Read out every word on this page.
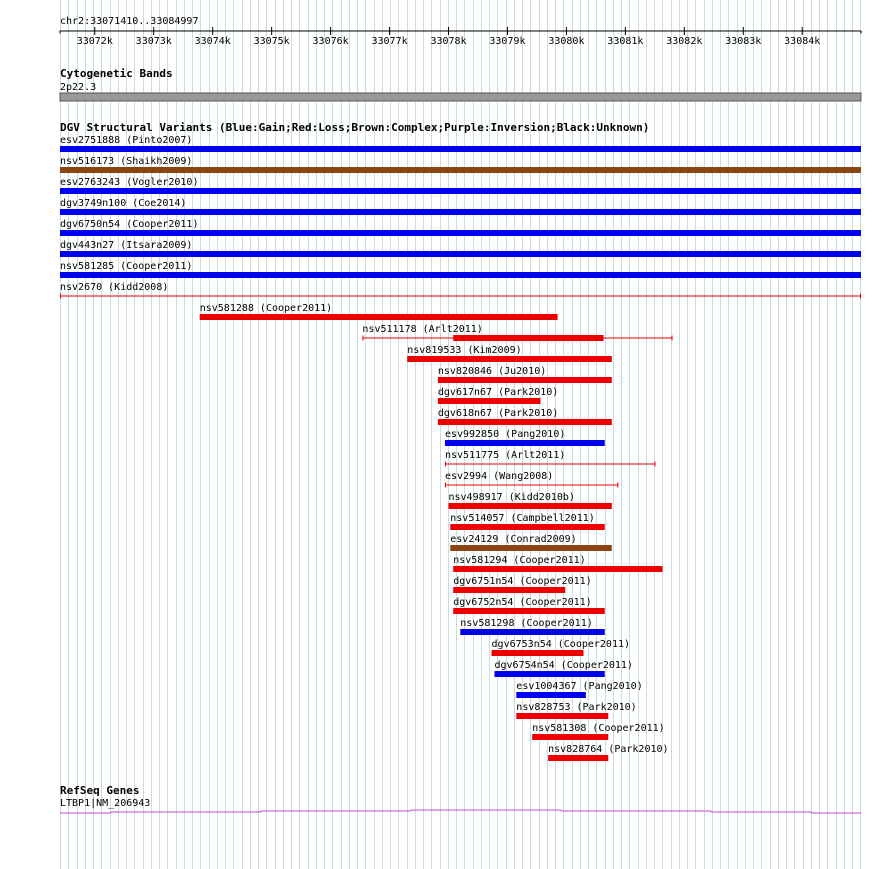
chr2:33071410..33084997
‹	›
33072k 33073k 33074k 33075k 33076k 33077k 33078k 33079k 33080k 33081k 33082k 33083k 33084k
Cytogenetic Bands
2p22.3
DGV Structural Variants (Blue:Gain;Red:Loss;Brown:Complex;Purple:Inversion;Black:Unknown)
esv2751888 (Pinto2007)
nsv516173 (Shaikh2009)
esv2763243 (Vogler2010)
dgv3749n100 (Coe2014)
dgv6750n54 (Cooper2011)
dgv443n27 (Itsara2009)
nsv581285 (Cooper2011)
nsv2670 (Kidd2008)
nsv581288 (Cooper2011)
nsv511178 (Arlt2011)
nsv819533 (Kim2009)
nsv820846 (Ju2010)
dgv617n67 (Park2010)
dgv618n67 (Park2010)
esv992850 (Pang2010)
nsv511775 (Arlt2011)
esv2994 (Wang2008)
nsv498917 (Kidd2010b)
nsv514057 (Campbell2011)
esv24129 (Conrad2009)
nsv581294 (Cooper2011)
dgv6751n54 (Cooper2011)
dgv6752n54 (Cooper2011)
nsv581298 (Cooper2011)
dgv6753n54 (Cooper2011)
dgv6754n54 (Cooper2011)
esv1004367 (Pang2010)
nsv828753 (Park2010)
nsv581308 (Cooper2011)
nsv828764 (Park2010)
RefSeq Genes
LTBP1|NM_206943
